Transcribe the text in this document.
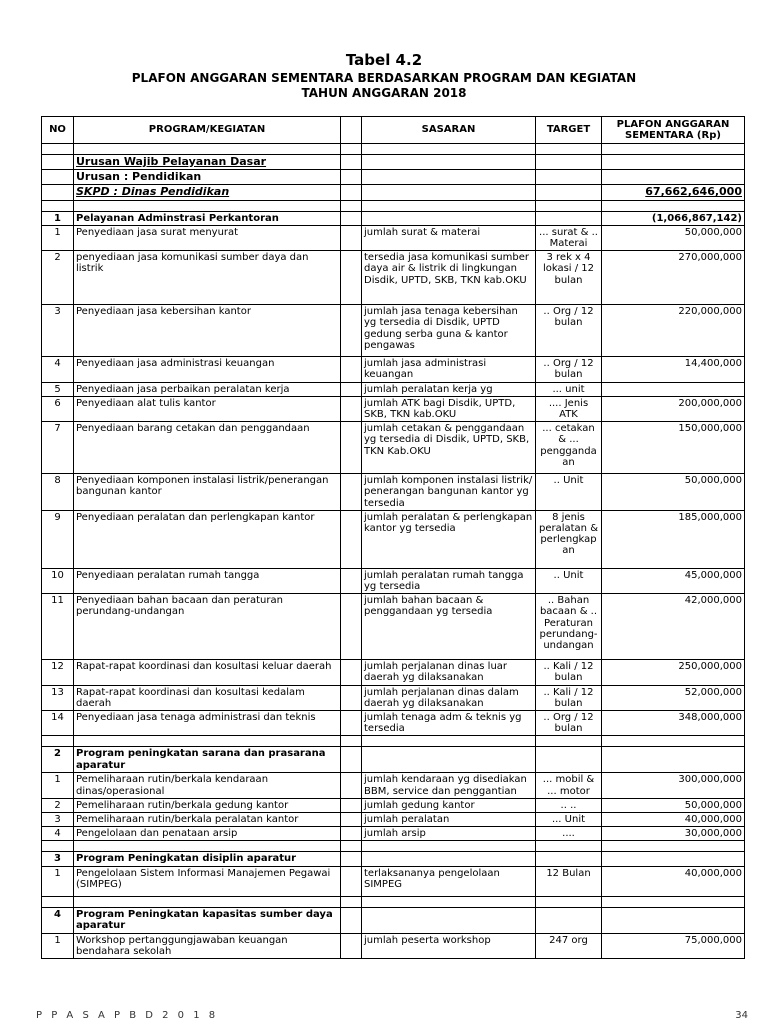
Tabel 4.2
PLAFON ANGGARAN SEMENTARA BERDASARKAN PROGRAM DAN KEGIATAN
TAHUN ANGGARAN 2018
NO	PROGRAM/KEGIATAN		SASARAN	TARGET	PLAFON ANGGARAN SEMENTARA (Rp)

	Urusan Wajib Pelayanan Dasar				
	Urusan : Pendidikan				
	SKPD : Dinas Pendidikan				67,662,646,000

1	Pelayanan Adminstrasi Perkantoran				(1,066,867,142)
1	Penyediaan jasa surat menyurat		jumlah surat & materai	... surat & .. Materai	50,000,000
2	penyediaan jasa komunikasi sumber daya dan listrik		tersedia jasa komunikasi sumber daya air & listrik di lingkungan Disdik, UPTD, SKB, TKN kab.OKU	3 rek x 4 lokasi / 12 bulan	270,000,000
3	Penyediaan jasa kebersihan kantor		jumlah jasa tenaga kebersihan yg tersedia di Disdik, UPTD gedung serba guna & kantor pengawas	.. Org / 12 bulan	220,000,000
4	Penyediaan jasa administrasi keuangan		jumlah jasa administrasi keuangan	.. Org / 12 bulan	14,400,000
5	Penyediaan jasa perbaikan peralatan kerja		jumlah peralatan kerja yg	... unit	
6	Penyediaan alat tulis kantor		jumlah ATK bagi Disdik, UPTD, SKB, TKN kab.OKU	.... Jenis ATK	200,000,000
7	Penyediaan barang cetakan dan penggandaan		jumlah cetakan & penggandaan yg tersedia di Disdik, UPTD, SKB, TKN Kab.OKU	... cetakan & ... pengganda an	150,000,000
8	Penyediaan komponen instalasi listrik/penerangan bangunan kantor		jumlah komponen instalasi listrik/ penerangan bangunan kantor yg tersedia	.. Unit	50,000,000
9	Penyediaan peralatan dan perlengkapan kantor		jumlah peralatan & perlengkapan kantor yg tersedia	8 jenis peralatan & perlengkap an	185,000,000
10	Penyediaan peralatan rumah tangga		jumlah peralatan rumah tangga yg tersedia	.. Unit	45,000,000
11	Penyediaan bahan bacaan dan peraturan perundang-undangan		jumlah bahan bacaan & penggandaan yg tersedia	.. Bahan bacaan & .. Peraturan perundang-undangan	42,000,000
12	Rapat-rapat koordinasi dan kosultasi keluar daerah		jumlah perjalanan dinas luar daerah yg dilaksanakan	.. Kali / 12 bulan	250,000,000
13	Rapat-rapat koordinasi dan kosultasi kedalam daerah		jumlah perjalanan dinas dalam daerah yg dilaksanakan	.. Kali / 12 bulan	52,000,000
14	Penyediaan jasa tenaga administrasi dan teknis		jumlah tenaga adm & teknis yg tersedia	.. Org / 12 bulan	348,000,000

2	Program peningkatan sarana dan prasarana aparatur				
1	Pemeliharaan rutin/berkala kendaraan dinas/operasional		jumlah kendaraan yg disediakan BBM, service dan penggantian	... mobil & ... motor	300,000,000
2	Pemeliharaan rutin/berkala gedung kantor		jumlah gedung kantor	.. ..	50,000,000
3	Pemeliharaan rutin/berkala peralatan kantor		jumlah peralatan	... Unit	40,000,000
4	Pengelolaan dan penataan arsip		jumlah arsip	....	30,000,000

3	Program Peningkatan disiplin aparatur				
1	Pengelolaan Sistem Informasi Manajemen Pegawai (SIMPEG)		terlaksananya pengelolaan SIMPEG	12 Bulan	40,000,000

4	Program Peningkatan kapasitas sumber daya aparatur				
1	Workshop pertanggungjawaban keuangan bendahara sekolah		jumlah peserta workshop	247 org	75,000,000
P P A S A P B D 2 0 1 8	34
